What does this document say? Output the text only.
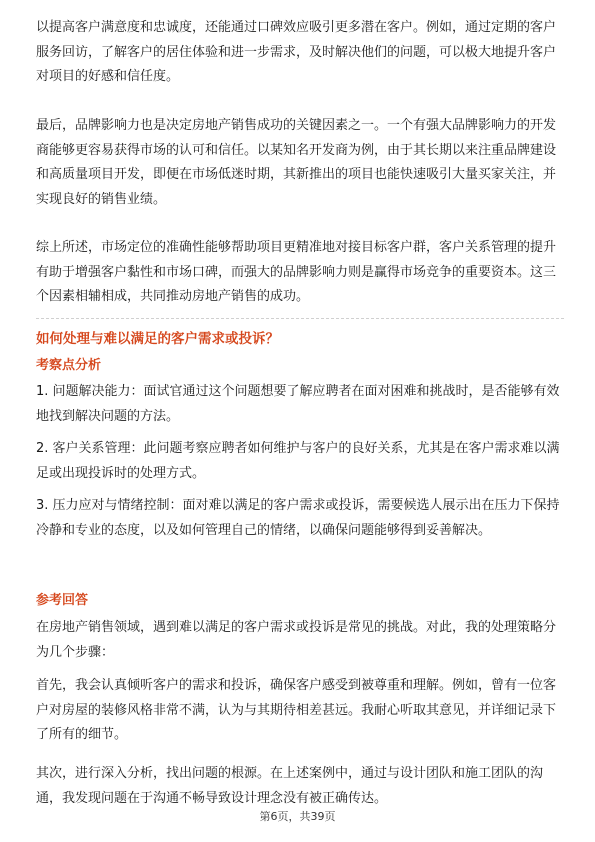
以提高客户满意度和忠诚度，还能通过口碑效应吸引更多潜在客户。例如，通过定期的客户服务回访，了解客户的居住体验和进一步需求，及时解决他们的问题，可以极大地提升客户对项目的好感和信任度。

最后，品牌影响力也是决定房地产销售成功的关键因素之一。一个有强大品牌影响力的开发商能够更容易获得市场的认可和信任。以某知名开发商为例，由于其长期以来注重品牌建设和高质量项目开发，即便在市场低迷时期，其新推出的项目也能快速吸引大量买家关注，并实现良好的销售业绩。

综上所述，市场定位的准确性能够帮助项目更精准地对接目标客户群，客户关系管理的提升有助于增强客户黏性和市场口碑，而强大的品牌影响力则是赢得市场竞争的重要资本。这三个因素相辅相成，共同推动房地产销售的成功。

如何处理与难以满足的客户需求或投诉？

考察点分析

1. 问题解决能力：面试官通过这个问题想要了解应聘者在面对困难和挑战时，是否能够有效地找到解决问题的方法。

2. 客户关系管理：此问题考察应聘者如何维护与客户的良好关系，尤其是在客户需求难以满足或出现投诉时的处理方式。

3. 压力应对与情绪控制：面对难以满足的客户需求或投诉，需要候选人展示出在压力下保持冷静和专业的态度，以及如何管理自己的情绪，以确保问题能够得到妥善解决。

参考回答

在房地产销售领域，遇到难以满足的客户需求或投诉是常见的挑战。对此，我的处理策略分为几个步骤：

首先，我会认真倾听客户的需求和投诉，确保客户感受到被尊重和理解。例如，曾有一位客户对房屋的装修风格非常不满，认为与其期待相差甚远。我耐心听取其意见，并详细记录下了所有的细节。

其次，进行深入分析，找出问题的根源。在上述案例中，通过与设计团队和施工团队的沟通，我发现问题在于沟通不畅导致设计理念没有被正确传达。

第6页，共39页
